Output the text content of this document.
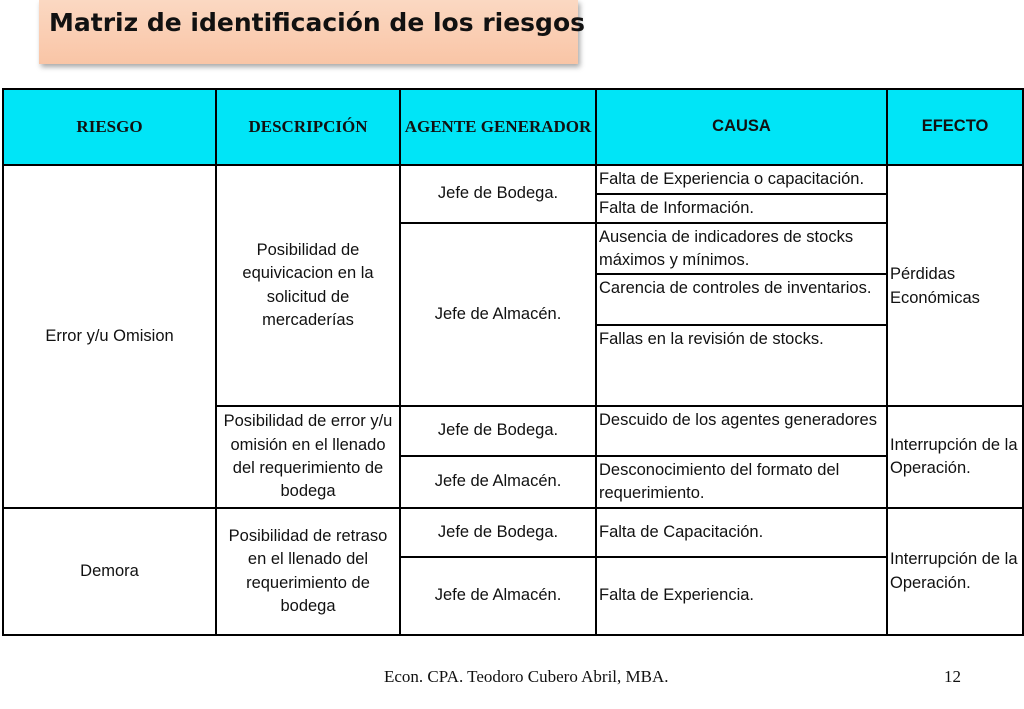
Matriz de identificación de los riesgos
RIESGO	DESCRIPCIÓN	AGENTE GENERADOR	CAUSA	EFECTO
Error y/u Omision	Posibilidad de equivicacion en la solicitud de mercaderías	Jefe de Bodega.	Falta de Experiencia o capacitación.	Pérdidas Económicas
			Falta de Información.	
		Jefe de Almacén.	Ausencia de indicadores de stocks máximos y mínimos.	
			Carencia de controles de inventarios.	
			Fallas en la revisión de stocks.	
	Posibilidad de error y/u omisión en el llenado del requerimiento de bodega	Jefe de Bodega.	Descuido de los agentes generadores	Interrupción de la Operación.
		Jefe de Almacén.	Desconocimiento del formato del requerimiento.	
Demora	Posibilidad de retraso en el llenado del requerimiento de bodega	Jefe de Bodega.	Falta de Capacitación.	Interrupción de la Operación.
		Jefe de Almacén.	Falta de Experiencia.	
Econ. CPA. Teodoro Cubero Abril, MBA.	12
